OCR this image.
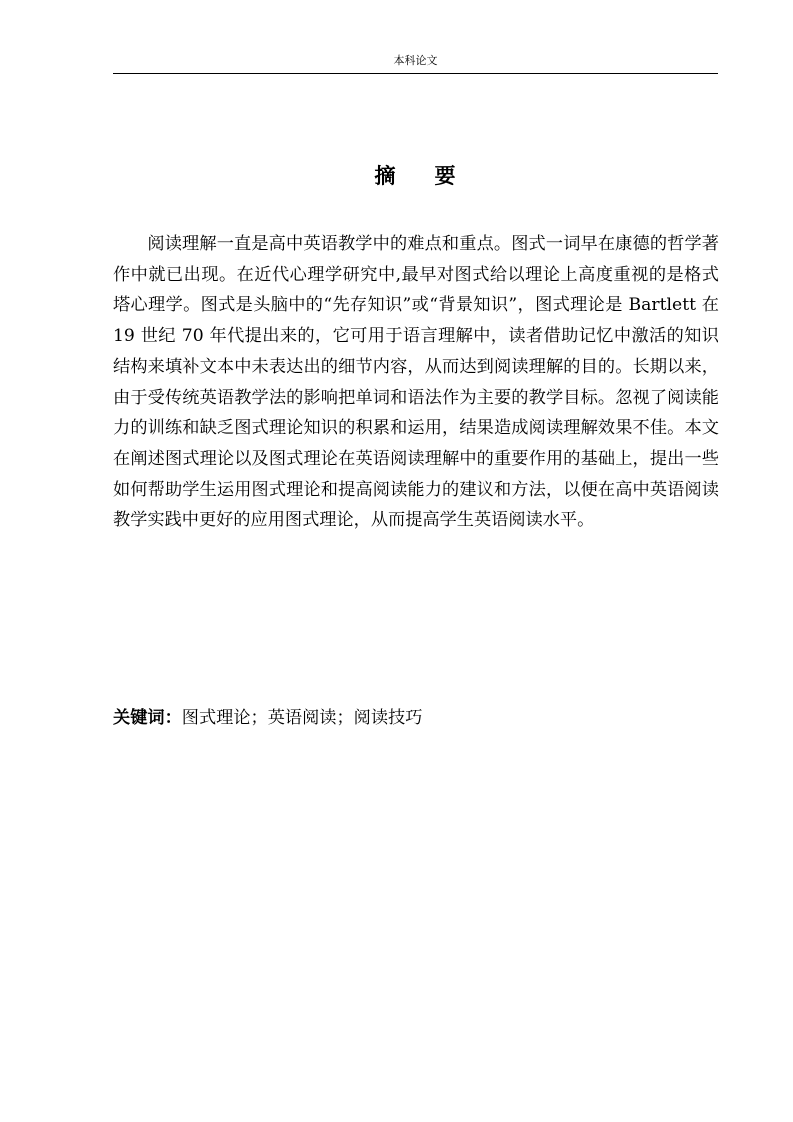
本科论文
摘 要

阅读理解一直是高中英语教学中的难点和重点。图式一词早在康德的哲学著作中就已出现。在近代心理学研究中,最早对图式给以理论上高度重视的是格式塔心理学。图式是头脑中的“先存知识”或“背景知识”，图式理论是 Bartlett 在 19 世纪 70 年代提出来的，它可用于语言理解中，读者借助记忆中激活的知识结构来填补文本中未表达出的细节内容，从而达到阅读理解的目的。长期以来，由于受传统英语教学法的影响把单词和语法作为主要的教学目标。忽视了阅读能力的训练和缺乏图式理论知识的积累和运用，结果造成阅读理解效果不佳。本文在阐述图式理论以及图式理论在英语阅读理解中的重要作用的基础上，提出一些如何帮助学生运用图式理论和提高阅读能力的建议和方法，以便在高中英语阅读教学实践中更好的应用图式理论，从而提高学生英语阅读水平。

关键词：图式理论；英语阅读；阅读技巧
